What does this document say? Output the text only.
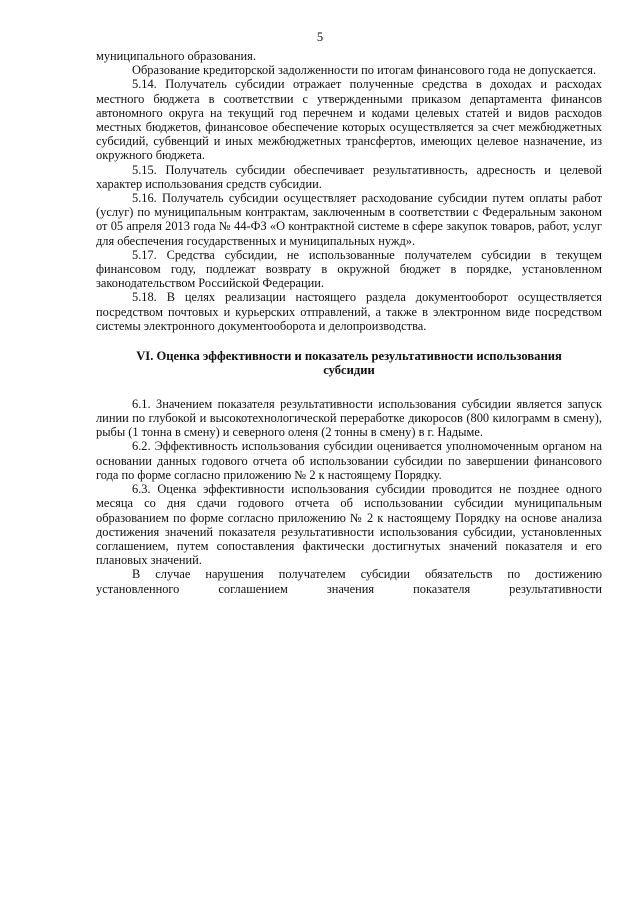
5

муниципального образования.

Образование кредиторской задолженности по итогам финансового года не допускается.

5.14. Получатель субсидии отражает полученные средства в доходах и расходах местного бюджета в соответствии с утвержденными приказом департамента финансов автономного округа на текущий год перечнем и кодами целевых статей и видов расходов местных бюджетов, финансовое обеспечение которых осуществляется за счет межбюджетных субсидий, субвенций и иных межбюджетных трансфертов, имеющих целевое назначение, из окружного бюджета.

5.15. Получатель субсидии обеспечивает результативность, адресность и целевой характер использования средств субсидии.

5.16. Получатель субсидии осуществляет расходование субсидии путем оплаты работ (услуг) по муниципальным контрактам, заключенным в соответствии с Федеральным законом от 05 апреля 2013 года № 44-ФЗ «О контрактной системе в сфере закупок товаров, работ, услуг для обеспечения государственных и муниципальных нужд».

5.17. Средства субсидии, не использованные получателем субсидии в текущем финансовом году, подлежат возврату в окружной бюджет в порядке, установленном законодательством Российской Федерации.

5.18. В целях реализации настоящего раздела документооборот осуществляется посредством почтовых и курьерских отправлений, а также в электронном виде посредством системы электронного документооборота и делопроизводства.

VI. Оценка эффективности и показатель результативности использования субсидии

6.1. Значением показателя результативности использования субсидии является запуск линии по глубокой и высокотехнологической переработке дикоросов (800 килограмм в смену), рыбы (1 тонна в смену) и северного оленя (2 тонны в смену) в г. Надыме.

6.2. Эффективность использования субсидии оценивается уполномоченным органом на основании данных годового отчета об использовании субсидии по завершении финансового года по форме согласно приложению № 2 к настоящему Порядку.

6.3. Оценка эффективности использования субсидии проводится не позднее одного месяца со дня сдачи годового отчета об использовании субсидии муниципальным образованием по форме согласно приложению № 2 к настоящему Порядку на основе анализа достижения значений показателя результативности использования субсидии, установленных соглашением, путем сопоставления фактически достигнутых значений показателя и его плановых значений.

В случае нарушения получателем субсидии обязательств по достижению установленного соглашением значения показателя результативности
